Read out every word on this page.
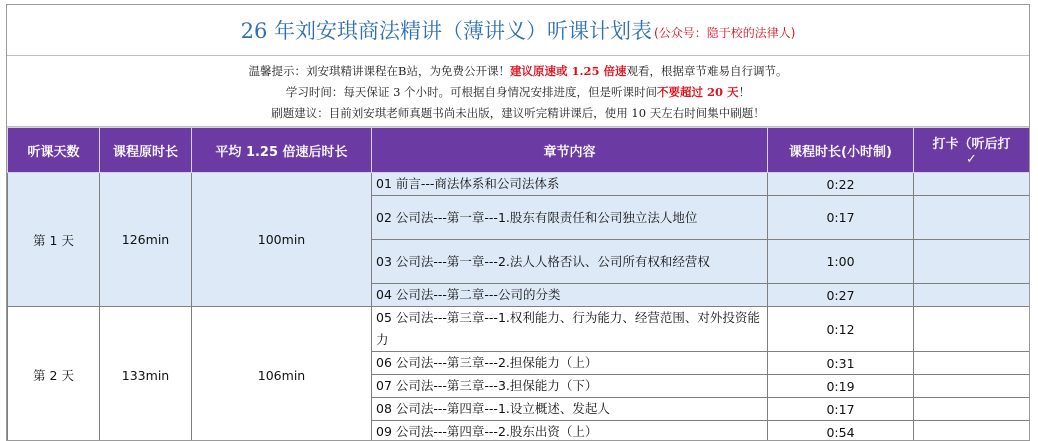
26 年刘安琪商法精讲（薄讲义）听课计划表 (公众号：隐于校的法律人)
温馨提示：刘安琪精讲课程在B站，为免费公开课！建议原速或 1.25 倍速观看，根据章节难易自行调节。
学习时间：每天保证 3 个小时。可根据自身情况安排进度，但是听课时间不要超过 20 天！
刷题建议：目前刘安琪老师真题书尚未出版，建议听完精讲课后，使用 10 天左右时间集中刷题！
听课天数	课程原时长	平均 1.25 倍速后时长	章节内容	课程时长(小时制)	打卡（听后打
✓

第 1 天	126min	100min	01 前言---商法体系和公司法体系	0:22	
			02 公司法---第一章---1.股东有限责任和公司独立法人地位	0:17	
			03 公司法---第一章---2.法人人格否认、公司所有权和经营权	1:00	
			04 公司法---第二章---公司的分类	0:27	
第 2 天	133min	106min	05 公司法---第三章---1.权利能力、行为能力、经营范围、对外投资能力	0:12	
			06 公司法---第三章---2.担保能力（上）	0:31	
			07 公司法---第三章---3.担保能力（下）	0:19	
			08 公司法---第四章---1.设立概述、发起人	0:17	
			09 公司法---第四章---2.股东出资（上）	0:54	
